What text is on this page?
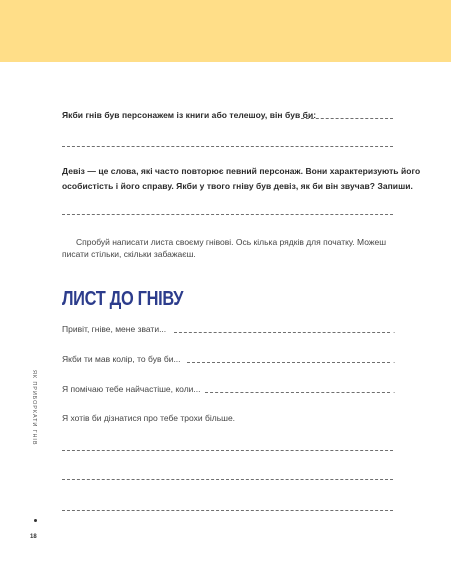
Якби гнів був персонажем із книги або телешоу, він був би:
Девіз — це слова, які часто повторює певний персонаж. Вони характеризують його
особистість і його справу. Якби у твого гніву був девіз, як би він звучав? Запиши.
Спробуй написати листа своєму гнівові. Ось кілька рядків для початку. Можеш
писати стільки, скільки забажаєш.
ЛИСТ ДО ГНІВУ
Привіт, гніве, мене звати...	.
Якби ти мав колір, то був би...	.
Я помічаю тебе найчастіше, коли...	.
Я хотів би дізнатися про тебе трохи більше.
ЯК ПРИБОРКАТИ ГНІВ
18
